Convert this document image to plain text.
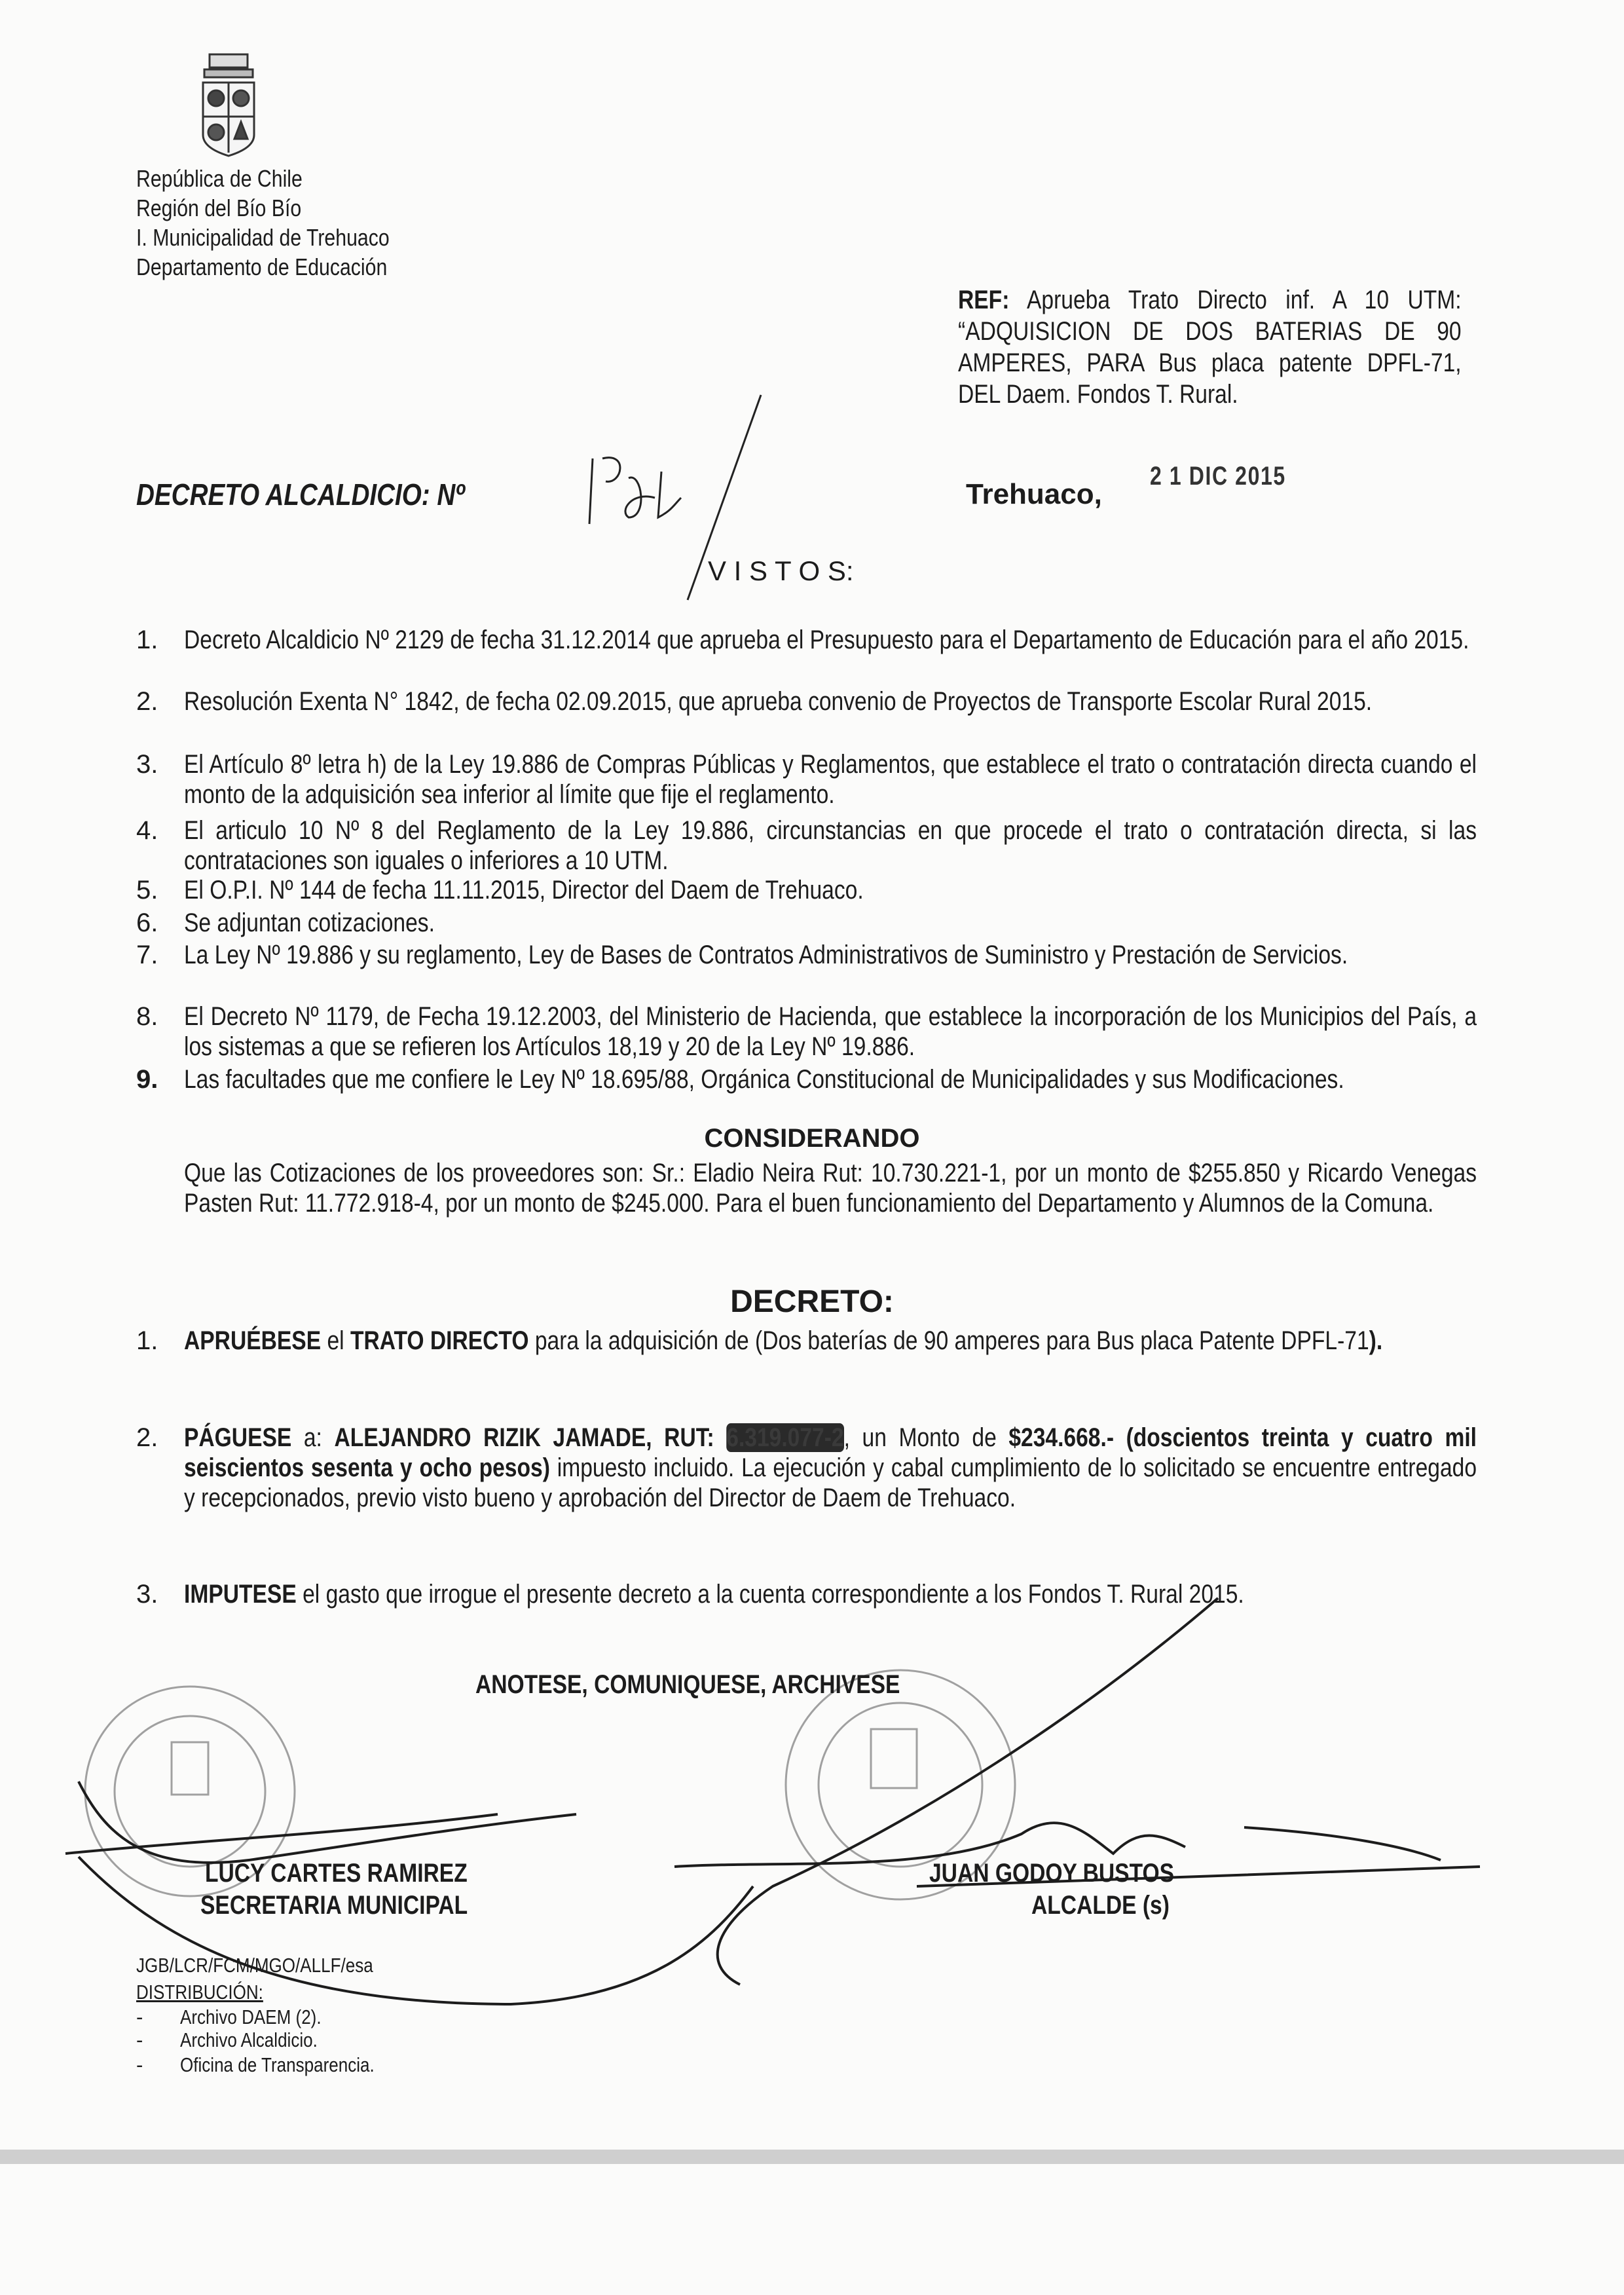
República de Chile
Región del Bío Bío
I. Municipalidad de Trehuaco
Departamento de Educación
REF: Aprueba Trato Directo inf. A 10 UTM: “ADQUISICION DE DOS BATERIAS DE 90 AMPERES, PARA Bus placa patente DPFL-71, DEL Daem. Fondos T. Rural.
DECRETO ALCALDICIO: Nº	Trehuaco,
2 1 DIC 2015
V I S T O S:
1. Decreto Alcaldicio Nº 2129 de fecha 31.12.2014 que aprueba el Presupuesto para el Departamento de Educación para el año 2015.
2. Resolución Exenta N° 1842, de fecha 02.09.2015, que aprueba convenio de Proyectos de Transporte Escolar Rural 2015.
3. El Artículo 8º letra h) de la Ley 19.886 de Compras Públicas y Reglamentos, que establece el trato o contratación directa cuando el monto de la adquisición sea inferior al límite que fije el reglamento.
4. El articulo 10 Nº 8 del Reglamento de la Ley 19.886, circunstancias en que procede el trato o contratación directa, si las contrataciones son iguales o inferiores a 10 UTM.
5. El O.P.I. Nº 144 de fecha 11.11.2015, Director del Daem de Trehuaco.
6. Se adjuntan cotizaciones.
7. La Ley Nº 19.886 y su reglamento, Ley de Bases de Contratos Administrativos de Suministro y Prestación de Servicios.
8. El Decreto Nº 1179, de Fecha 19.12.2003, del Ministerio de Hacienda, que establece la incorporación de los Municipios del País, a los sistemas a que se refieren los Artículos 18,19 y 20 de la Ley Nº 19.886.
9. Las facultades que me confiere le Ley Nº 18.695/88, Orgánica Constitucional de Municipalidades y sus Modificaciones.
CONSIDERANDO
Que las Cotizaciones de los proveedores son: Sr.: Eladio Neira Rut: 10.730.221-1, por un monto de $255.850 y Ricardo Venegas Pasten Rut: 11.772.918-4, por un monto de $245.000. Para el buen funcionamiento del Departamento y Alumnos de la Comuna.
DECRETO:
1. APRUÉBESE el TRATO DIRECTO para la adquisición de (Dos baterías de 90 amperes para Bus placa Patente DPFL-71).
2. PÁGUESE a: ALEJANDRO RIZIK JAMADE, RUT: 6.319.077-2, un Monto de $234.668.- (doscientos treinta y cuatro mil seiscientos sesenta y ocho pesos) impuesto incluido. La ejecución y cabal cumplimiento de lo solicitado se encuentre entregado y recepcionados, previo visto bueno y aprobación del Director de Daem de Trehuaco.
3. IMPUTESE el gasto que irrogue el presente decreto a la cuenta correspondiente a los Fondos T. Rural 2015.
ANOTESE, COMUNIQUESE, ARCHIVESE
LUCY CARTES RAMIREZ
SECRETARIA MUNICIPAL
JUAN GODOY BUSTOS
ALCALDE (s)
JGB/LCR/FCM/MGO/ALLF/esa
DISTRIBUCIÓN:
- Archivo DAEM (2).
- Archivo Alcaldicio.
- Oficina de Transparencia.
